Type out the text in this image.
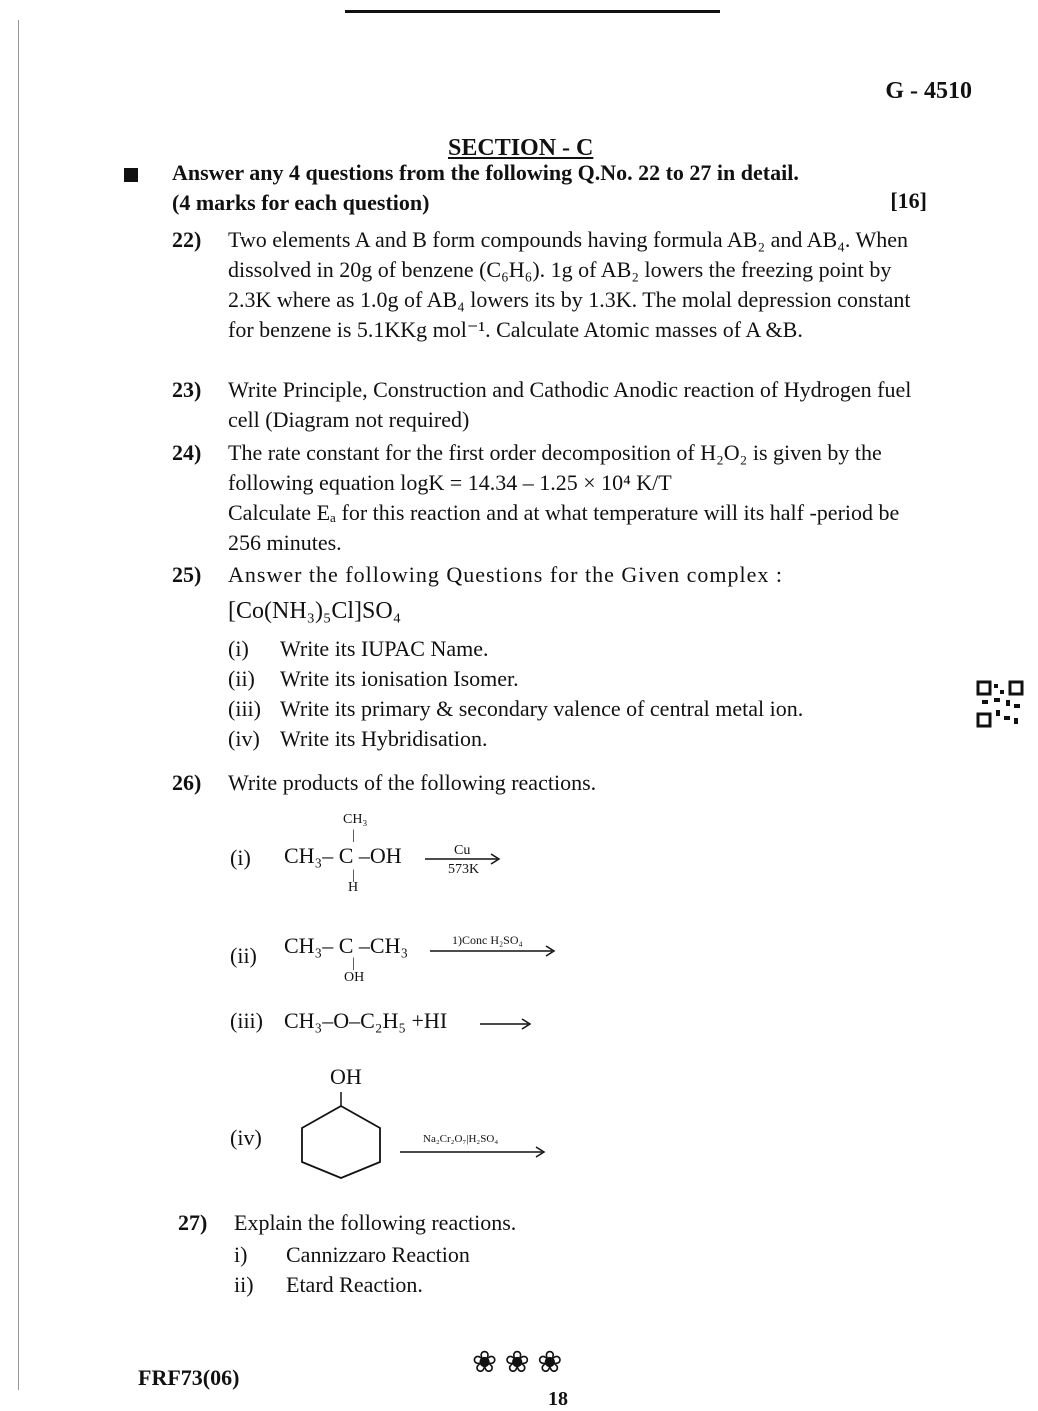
G - 4510
SECTION - C
Answer any 4 questions from the following Q.No. 22 to 27 in detail.
(4 marks for each question)	[16]
22) Two elements A and B form compounds having formula AB₂ and AB₄. When dissolved in 20g of benzene (C₆H₆). 1g of AB₂ lowers the freezing point by 2.3K where as 1.0g of AB₄ lowers its by 1.3K. The molal depression constant for benzene is 5.1KKg mol⁻¹. Calculate Atomic masses of A &B.
23) Write Principle, Construction and Cathodic Anodic reaction of Hydrogen fuel cell (Diagram not required)
24) The rate constant for the first order decomposition of H₂O₂ is given by the following equation logK = 14.34 – 1.25 × 10⁴ K/T
Calculate Eₐ for this reaction and at what temperature will its half -period be 256 minutes.
25) Answer the following Questions for the Given complex :
[Co(NH₃)₅Cl]SO₄
(i) Write its IUPAC Name.
(ii) Write its ionisation Isomer.
(iii) Write its primary & secondary valence of central metal ion.
(iv) Write its Hybridisation.
26) Write products of the following reactions.
(i)
CH₃
|
CH₃– C –OH
|
H
Cu
573K
(ii) CH₃– C –CH₃
|
OH
1)Conc H₂SO₄
(iii) CH₃–O–C₂H₅ +HI
(iv)
OH
Na₂Cr₂O₇|H₂SO₄
27) Explain the following reactions.
i) Cannizzaro Reaction
ii) Etard Reaction.
❀ ❀ ❀
FRF73(06)
18
